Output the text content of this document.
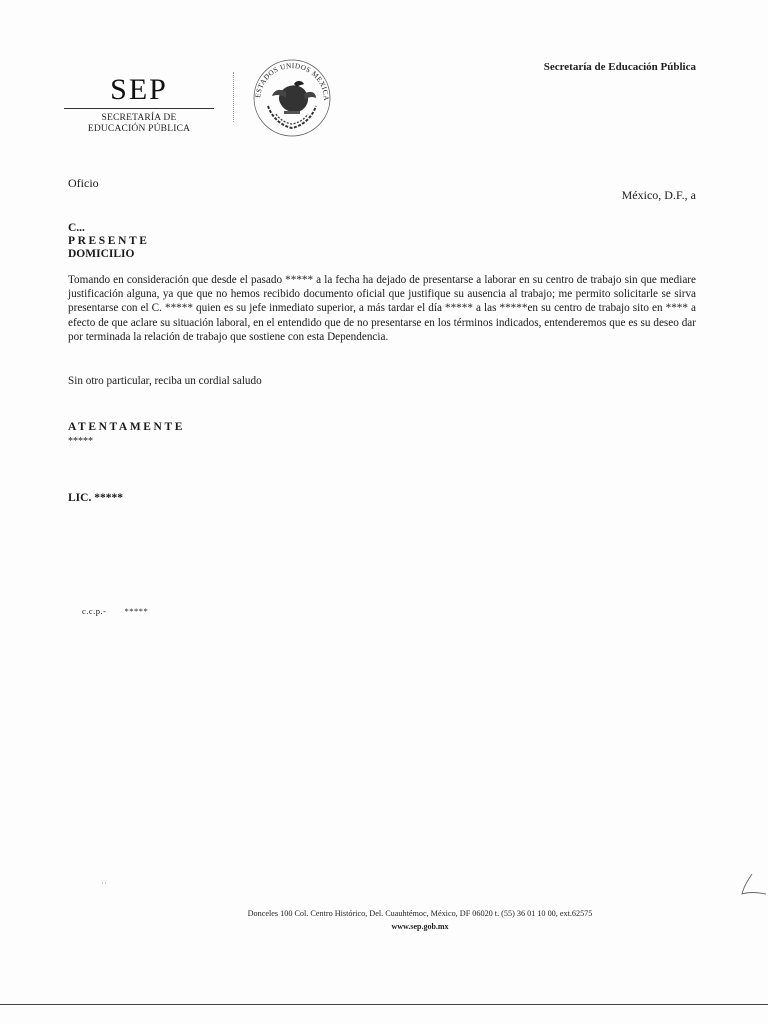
SEP
SECRETARÍA DE
EDUCACIÓN PÚBLICA
ESTADOS UNIDOS MEXICA
Secretaría de Educación Pública
Oficio
México, D.F., a
C...
PRESENTE
DOMICILIO
Tomando en consideración que desde el pasado ***** a la fecha ha dejado de presentarse a laborar en su centro de trabajo sin que mediare justificación alguna, ya que que no hemos recibido documento oficial que justifique su ausencia al trabajo; me permito solicitarle se sirva presentarse con el C. ***** quien es su jefe inmediato superior, a más tardar el día ***** a las *****en su centro de trabajo sito en **** a efecto de que aclare su situación laboral, en el entendido que de no presentarse en los términos indicados, entenderemos que es su deseo dar por terminada la relación de trabajo que sostiene con esta Dependencia.
Sin otro particular, reciba un cordial saludo
ATENTAMENTE
*****
LIC. *****
c.c.p.- *****
˙˙
Donceles 100 Col. Centro Histórico, Del. Cuauhtémoc, México, DF 06020 t. (55) 36 01 10 00, ext.62575
www.sep.gob.mx
